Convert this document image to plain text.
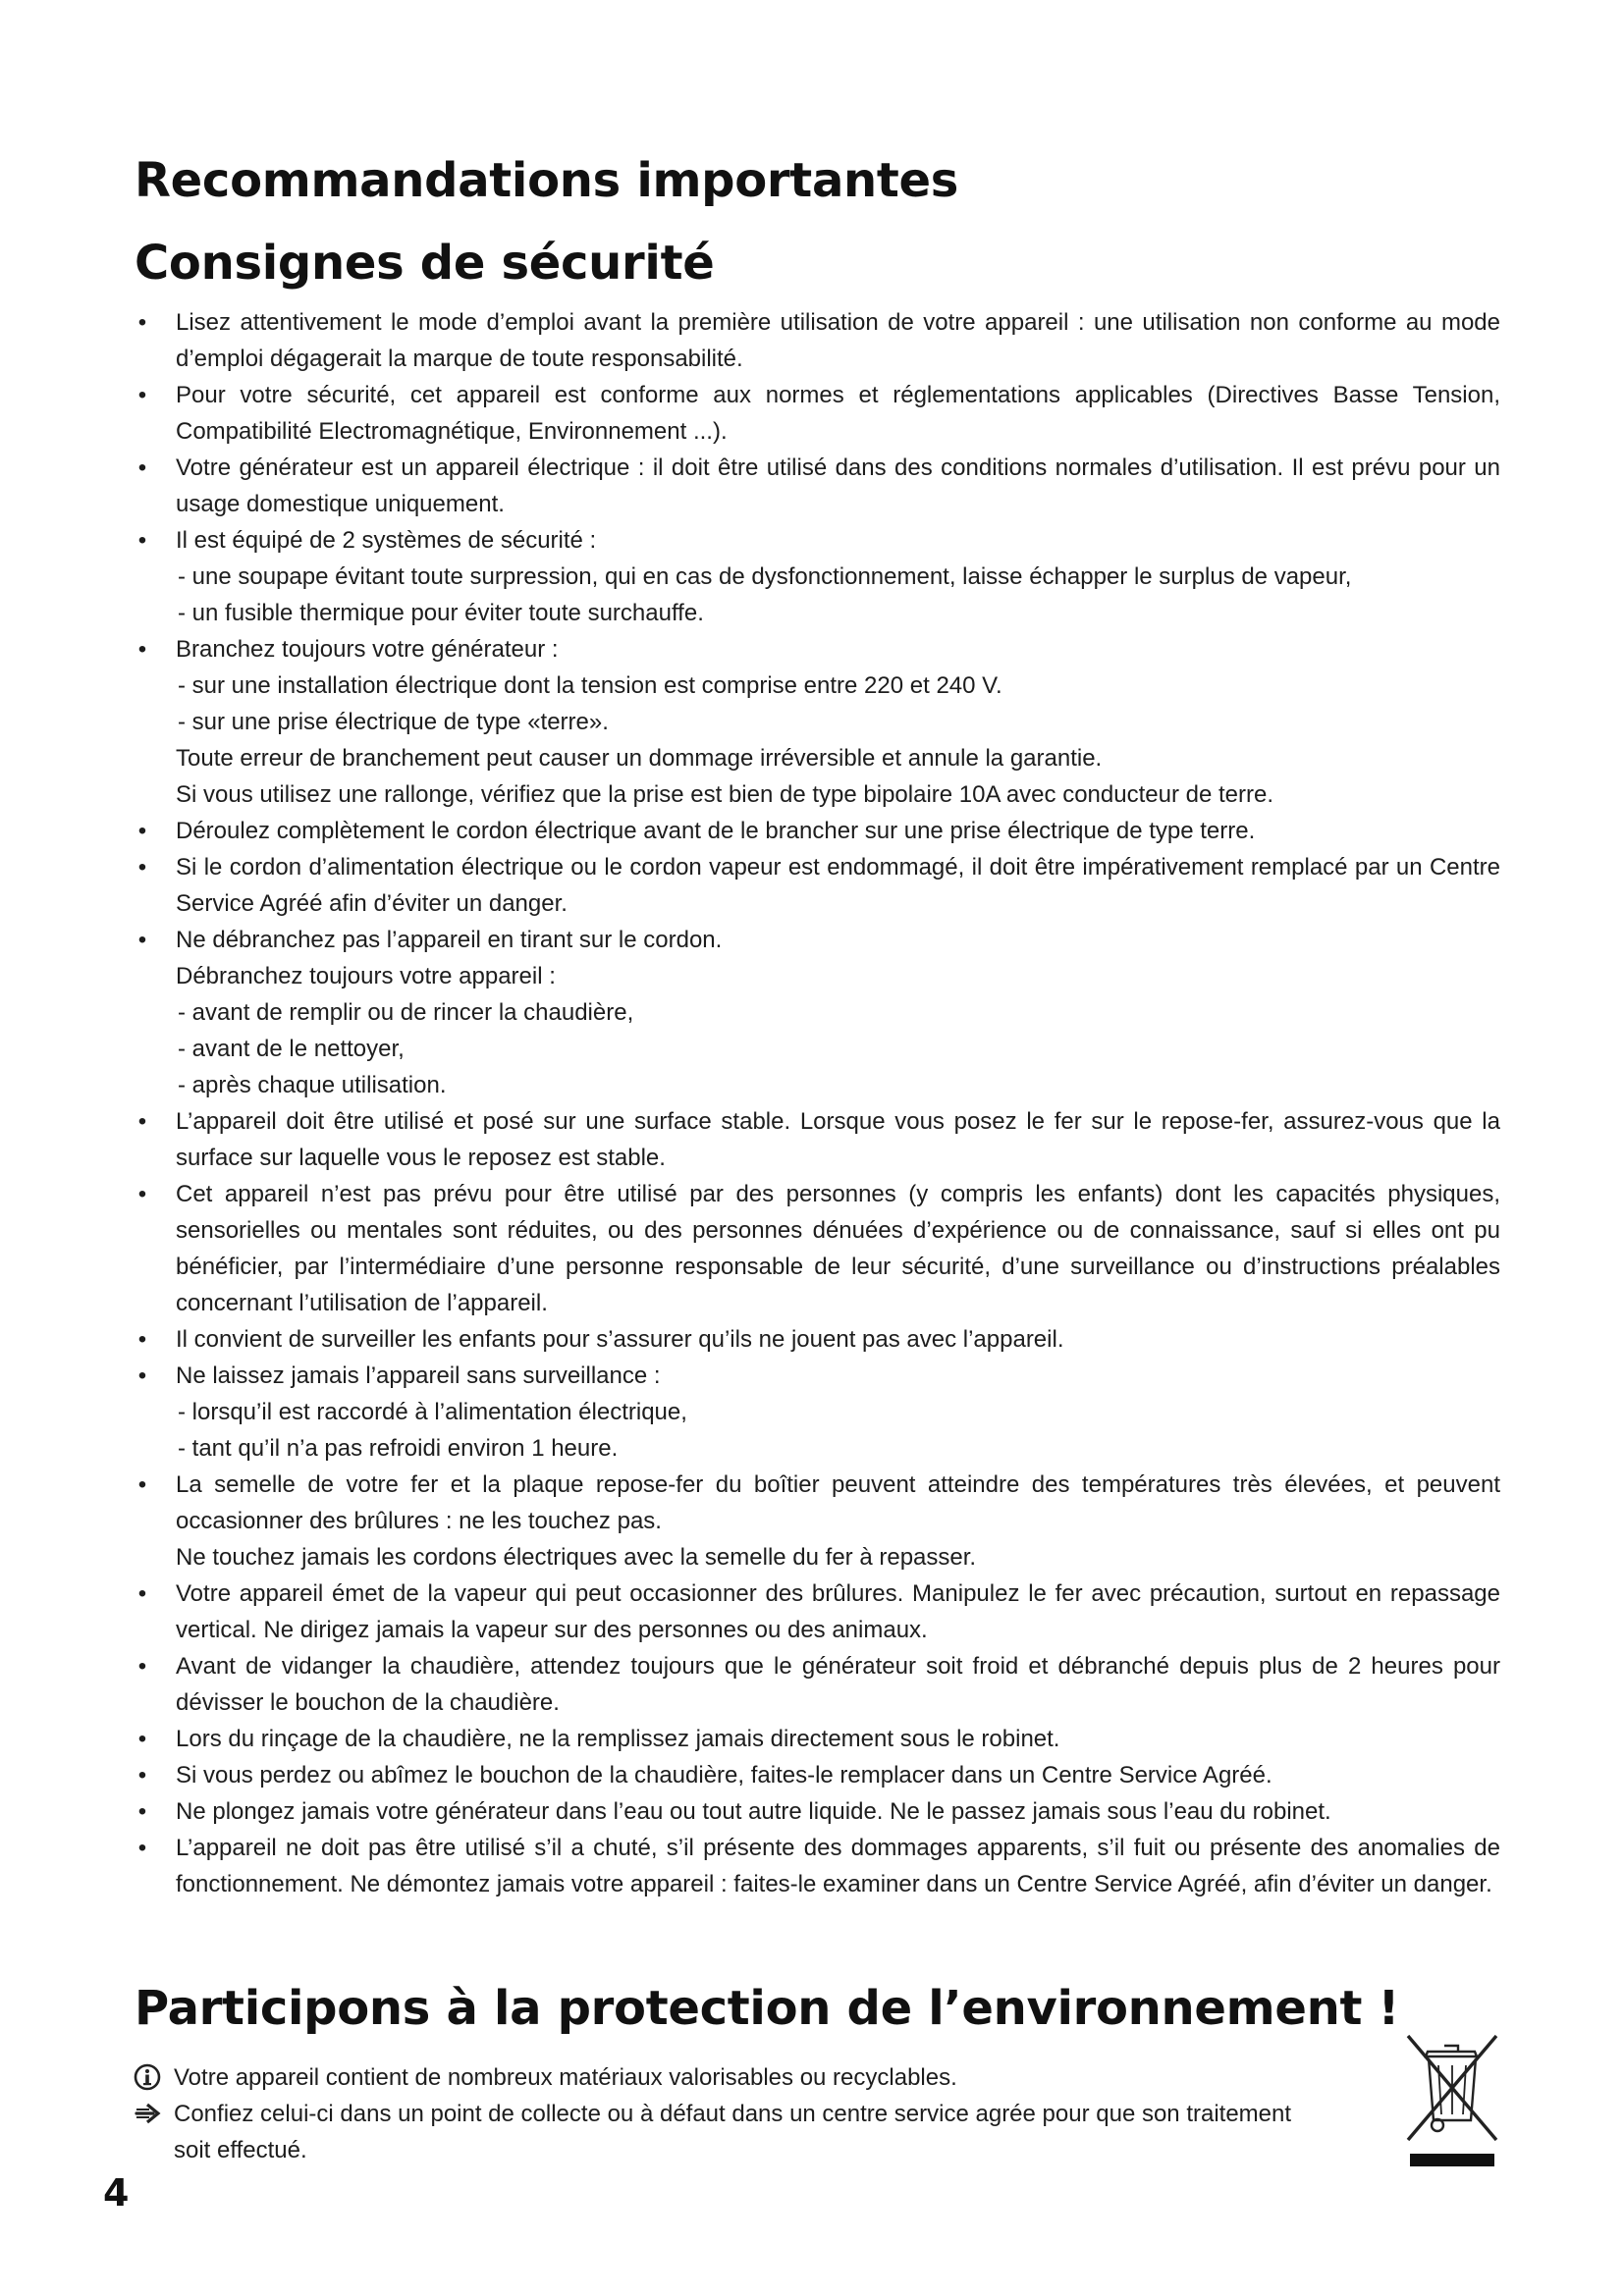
Recommandations importantes
Consignes de sécurité

• Lisez attentivement le mode d’emploi avant la première utilisation de votre appareil : une utilisation non conforme au mode d’emploi dégagerait la marque de toute responsabilité.

• Pour votre sécurité, cet appareil est conforme aux normes et réglementations applicables (Directives Basse Tension, Compatibilité Electromagnétique, Environnement ...).

• Votre générateur est un appareil électrique : il doit être utilisé dans des conditions normales d’utilisation. Il est prévu pour un usage domestique uniquement.

• Il est équipé de 2 systèmes de sécurité :

- une soupape évitant toute surpression, qui en cas de dysfonctionnement, laisse échapper le surplus de vapeur,

- un fusible thermique pour éviter toute surchauffe.

• Branchez toujours votre générateur :

- sur une installation électrique dont la tension est comprise entre 220 et 240 V.

- sur une prise électrique de type «terre».

Toute erreur de branchement peut causer un dommage irréversible et annule la garantie.

Si vous utilisez une rallonge, vérifiez que la prise est bien de type bipolaire 10A avec conducteur de terre.

• Déroulez complètement le cordon électrique avant de le brancher sur une prise électrique de type terre.

• Si le cordon d’alimentation électrique ou le cordon vapeur est endommagé, il doit être impérativement remplacé par un Centre Service Agréé afin d’éviter un danger.

• Ne débranchez pas l’appareil en tirant sur le cordon.

Débranchez toujours votre appareil :

- avant de remplir ou de rincer la chaudière,

- avant de le nettoyer,

- après chaque utilisation.

• L’appareil doit être utilisé et posé sur une surface stable. Lorsque vous posez le fer sur le repose-fer, assurez-vous que la surface sur laquelle vous le reposez est stable.

• Cet appareil n’est pas prévu pour être utilisé par des personnes (y compris les enfants) dont les capacités physiques, sensorielles ou mentales sont réduites, ou des personnes dénuées d’expérience ou de connaissance, sauf si elles ont pu bénéficier, par l’intermédiaire d’une personne responsable de leur sécurité, d’une surveillance ou d’instructions préalables concernant l’utilisation de l’appareil.

• Il convient de surveiller les enfants pour s’assurer qu’ils ne jouent pas avec l’appareil.

• Ne laissez jamais l’appareil sans surveillance :

- lorsqu’il est raccordé à l’alimentation électrique,

- tant qu’il n’a pas refroidi environ 1 heure.

• La semelle de votre fer et la plaque repose-fer du boîtier peuvent atteindre des températures très élevées, et peuvent occasionner des brûlures : ne les touchez pas.

Ne touchez jamais les cordons électriques avec la semelle du fer à repasser.

• Votre appareil émet de la vapeur qui peut occasionner des brûlures. Manipulez le fer avec précaution, surtout en repassage vertical. Ne dirigez jamais la vapeur sur des personnes ou des animaux.

• Avant de vidanger la chaudière, attendez toujours que le générateur soit froid et débranché depuis plus de 2 heures pour dévisser le bouchon de la chaudière.

• Lors du rinçage de la chaudière, ne la remplissez jamais directement sous le robinet.

• Si vous perdez ou abîmez le bouchon de la chaudière, faites-le remplacer dans un Centre Service Agréé.

• Ne plongez jamais votre générateur dans l’eau ou tout autre liquide. Ne le passez jamais sous l’eau du robinet.

• L’appareil ne doit pas être utilisé s’il a chuté, s’il présente des dommages apparents, s’il fuit ou présente des anomalies de fonctionnement. Ne démontez jamais votre appareil : faites-le examiner dans un Centre Service Agréé, afin d’éviter un danger.

Participons à la protection de l’environnement !

Votre appareil contient de nombreux matériaux valorisables ou recyclables.

Confiez celui-ci dans un point de collecte ou à défaut dans un centre service agrée pour que son traitement soit effectué.

4
